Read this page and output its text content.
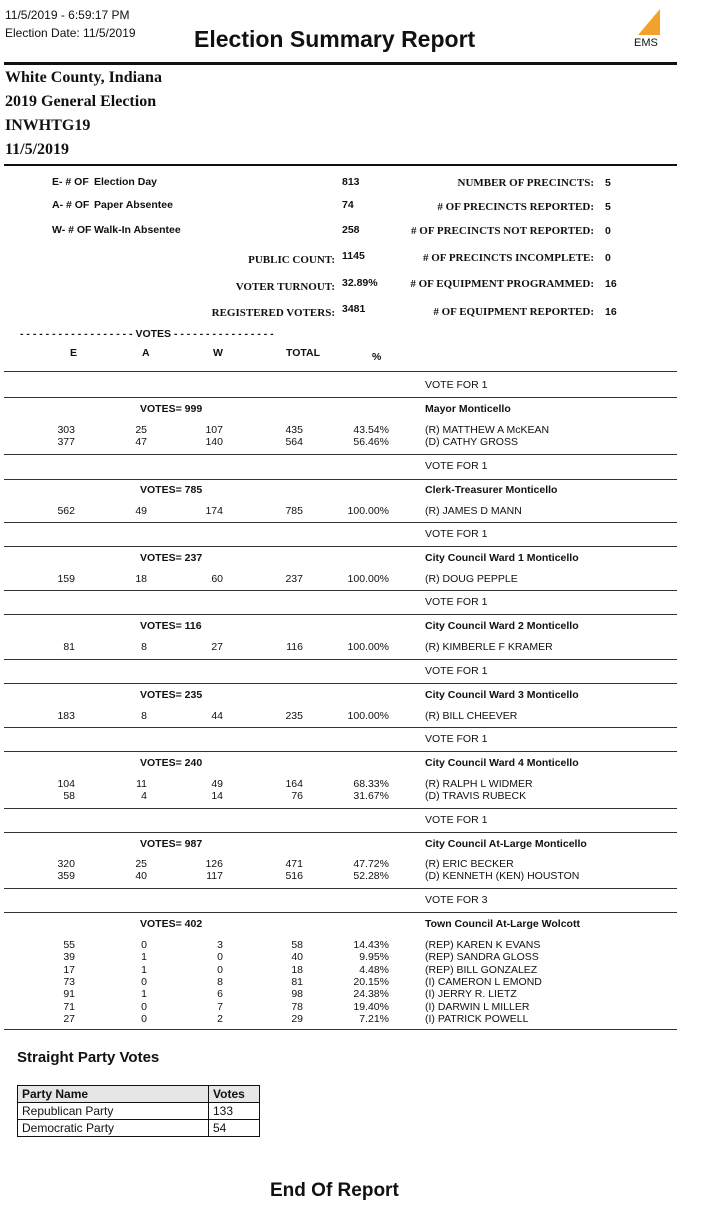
11/5/2019 - 6:59:17 PM
Election Date: 11/5/2019	Election Summary Report	EMS
White County, Indiana
2019 General Election
INWHTG19
11/5/2019
E- # OF Election Day	813
A- # OF Paper Absentee	74
W- # OF Walk-In Absentee	258
PUBLIC COUNT: 1145
VOTER TURNOUT: 32.89%
REGISTERED VOTERS: 3481
NUMBER OF PRECINCTS: 5
# OF PRECINCTS REPORTED: 5
# OF PRECINCTS NOT REPORTED: 0
# OF PRECINCTS INCOMPLETE: 0
# OF EQUIPMENT PROGRAMMED: 16
# OF EQUIPMENT REPORTED: 16
- - - - - - - - - - - - - - - - - - VOTES - - - - - - - - - - - - - - - -
E	A	W	TOTAL	%
VOTE FOR 1
VOTES= 999	Mayor Monticello
303	25	107	435	43.54%	(R) MATTHEW A McKEAN
377	47	140	564	56.46%	(D) CATHY GROSS
VOTE FOR 1
VOTES= 785	Clerk-Treasurer Monticello
562	49	174	785	100.00%	(R) JAMES D MANN
VOTE FOR 1
VOTES= 237	City Council Ward 1 Monticello
159	18	60	237	100.00%	(R) DOUG PEPPLE
VOTE FOR 1
VOTES= 116	City Council Ward 2 Monticello
81	8	27	116	100.00%	(R) KIMBERLE F KRAMER
VOTE FOR 1
VOTES= 235	City Council Ward 3 Monticello
183	8	44	235	100.00%	(R) BILL CHEEVER
VOTE FOR 1
VOTES= 240	City Council Ward 4 Monticello
104	11	49	164	68.33%	(R) RALPH L WIDMER
58	4	14	76	31.67%	(D) TRAVIS RUBECK
VOTE FOR 1
VOTES= 987	City Council At-Large Monticello
320	25	126	471	47.72%	(R) ERIC BECKER
359	40	117	516	52.28%	(D) KENNETH (KEN) HOUSTON
VOTE FOR 3
VOTES= 402	Town Council At-Large Wolcott
55	0	3	58	14.43%	(REP) KAREN K EVANS
39	1	0	40	9.95%	(REP) SANDRA GLOSS
17	1	0	18	4.48%	(REP) BILL GONZALEZ
73	0	8	81	20.15%	(I) CAMERON L EMOND
91	1	6	98	24.38%	(I) JERRY R. LIETZ
71	0	7	78	19.40%	(I) DARWIN L MILLER
27	0	2	29	7.21%	(I) PATRICK POWELL
Straight Party Votes
Party Name	Votes
Republican Party	133
Democratic Party	54
End Of Report
